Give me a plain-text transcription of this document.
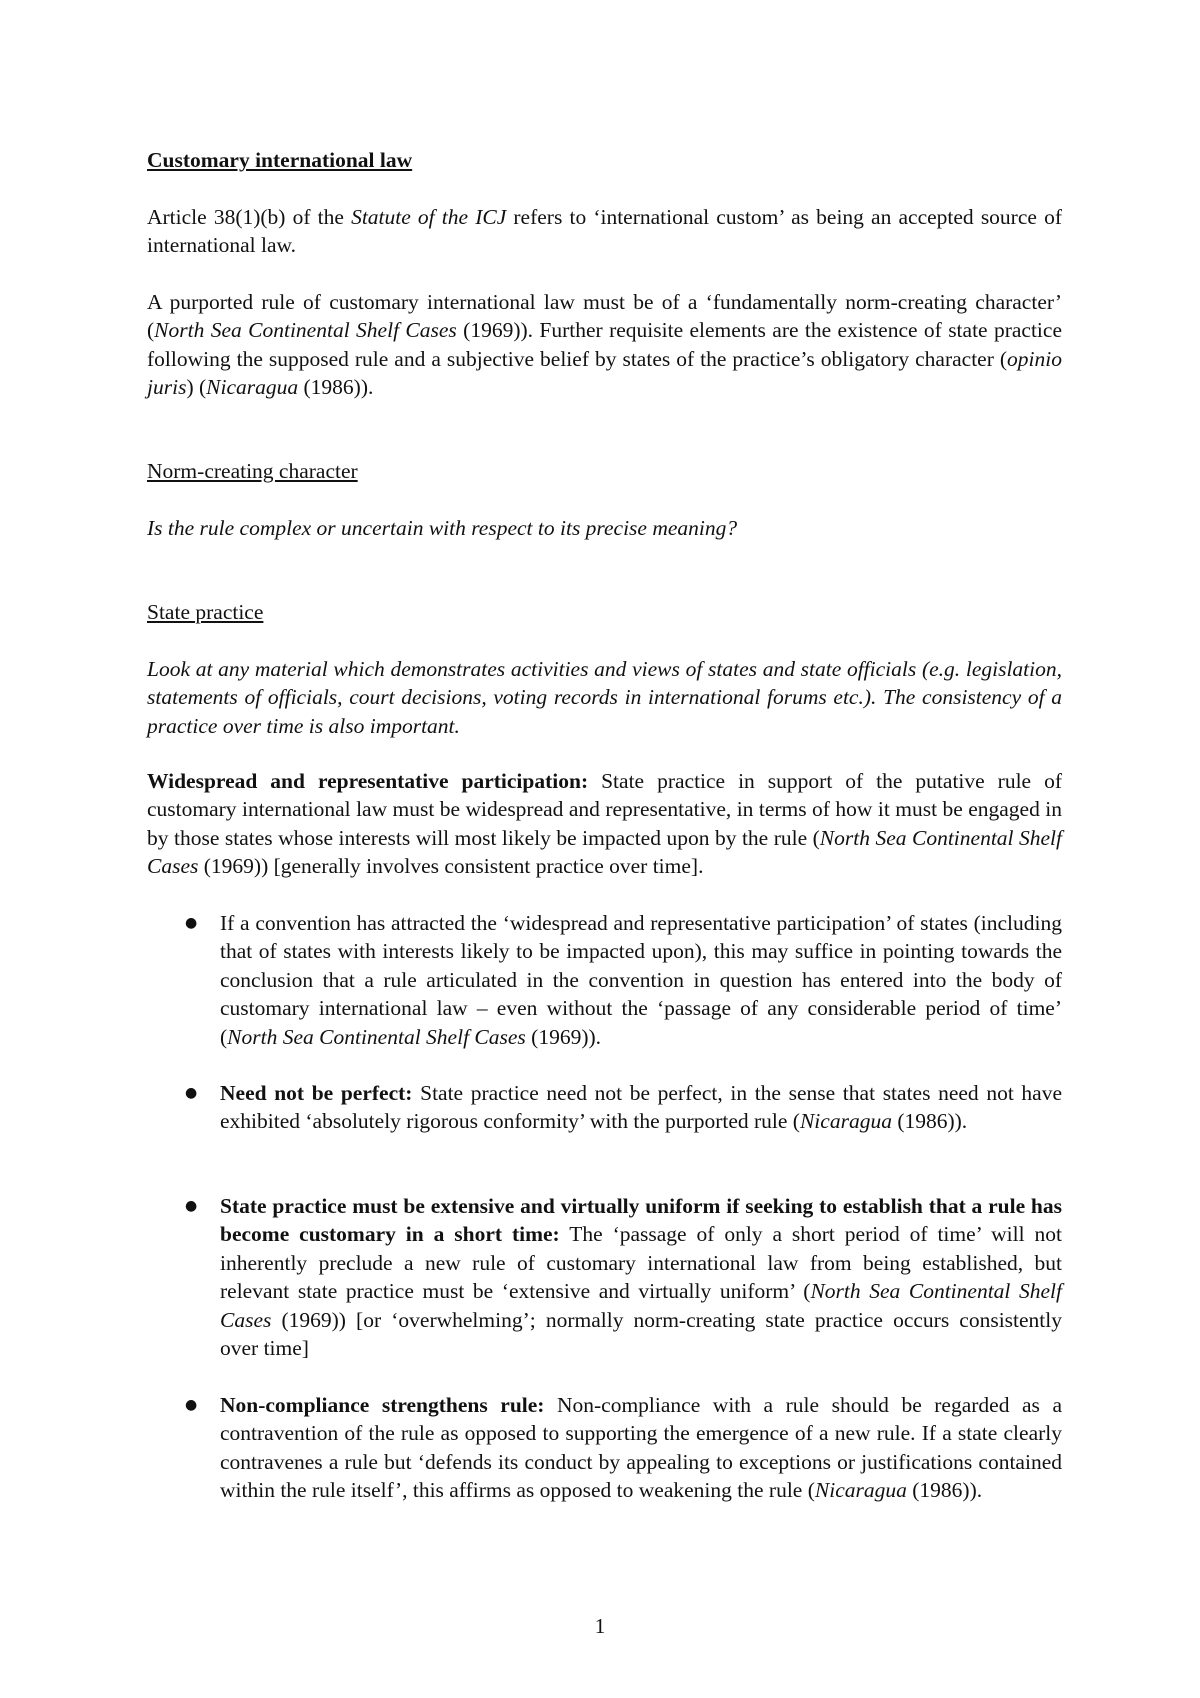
Customary international law

Article 38(1)(b) of the Statute of the ICJ refers to ‘international custom’ as being an accepted source of international law.

A purported rule of customary international law must be of a ‘fundamentally norm-creating character’ (North Sea Continental Shelf Cases (1969)). Further requisite elements are the existence of state practice following the supposed rule and a subjective belief by states of the practice’s obligatory character (opinio juris) (Nicaragua (1986)).

Norm-creating character
Is the rule complex or uncertain with respect to its precise meaning?
State practice

Look at any material which demonstrates activities and views of states and state officials (e.g. legislation, statements of officials, court decisions, voting records in international forums etc.). The consistency of a practice over time is also important.

Widespread and representative participation: State practice in support of the putative rule of customary international law must be widespread and representative, in terms of how it must be engaged in by those states whose interests will most likely be impacted upon by the rule (North Sea Continental Shelf Cases (1969)) [generally involves consistent practice over time].

●	If a convention has attracted the ‘widespread and representative participation’ of states (including that of states with interests likely to be impacted upon), this may suffice in pointing towards the conclusion that a rule articulated in the convention in question has entered into the body of customary international law – even without the ‘passage of any considerable period of time’ (North Sea Continental Shelf Cases (1969)).
●	Need not be perfect: State practice need not be perfect, in the sense that states need not have exhibited ‘absolutely rigorous conformity’ with the purported rule (Nicaragua (1986)).
●	State practice must be extensive and virtually uniform if seeking to establish that a rule has become customary in a short time: The ‘passage of only a short period of time’ will not inherently preclude a new rule of customary international law from being established, but relevant state practice must be ‘extensive and virtually uniform’ (North Sea Continental Shelf Cases (1969)) [or ‘overwhelming’; normally norm-creating state practice occurs consistently over time]
●	Non-compliance strengthens rule: Non-compliance with a rule should be regarded as a contravention of the rule as opposed to supporting the emergence of a new rule. If a state clearly contravenes a rule but ‘defends its conduct by appealing to exceptions or justifications contained within the rule itself’, this affirms as opposed to weakening the rule (Nicaragua (1986)).
1
